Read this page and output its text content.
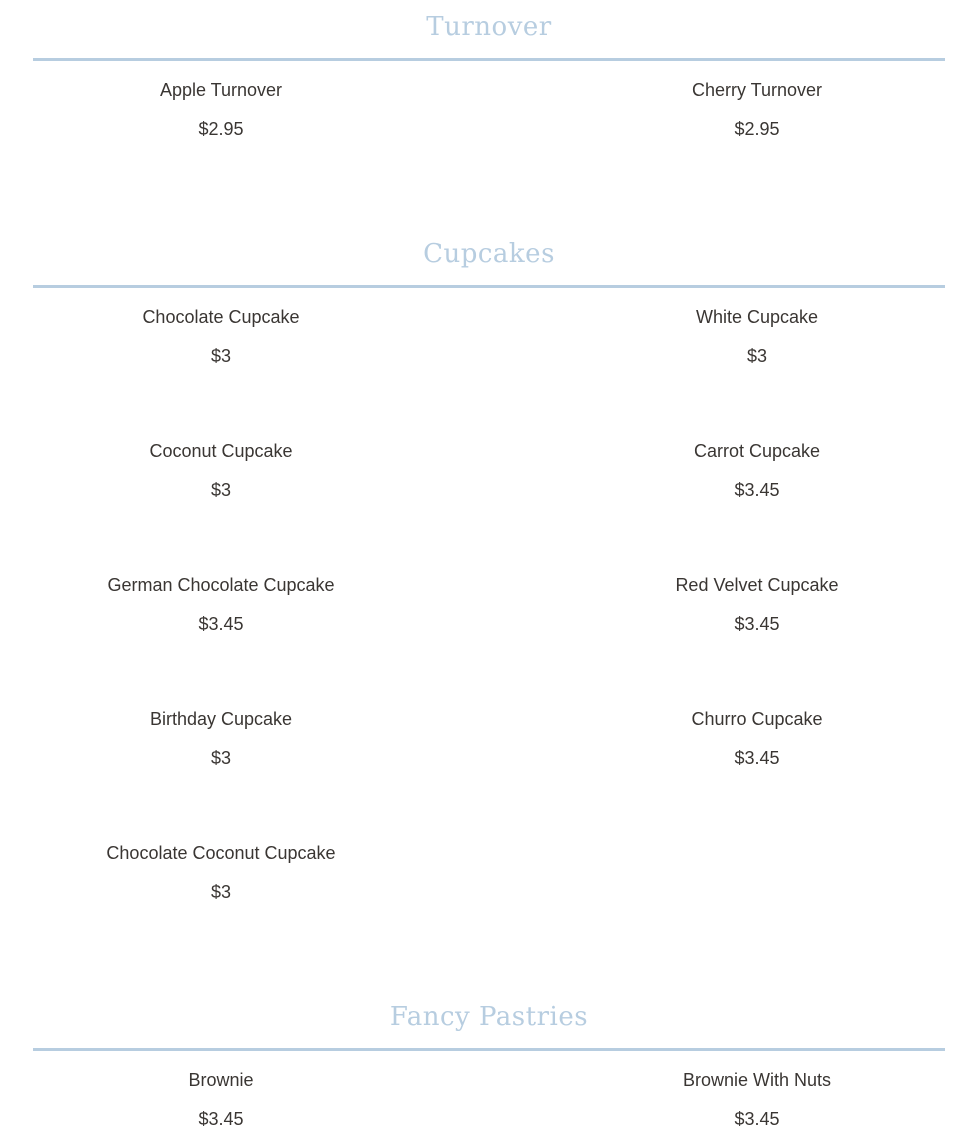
Turnover
Apple Turnover
$2.95
Cherry Turnover
$2.95
Cupcakes
Chocolate Cupcake
$3
White Cupcake
$3
Coconut Cupcake
$3
Carrot Cupcake
$3.45
German Chocolate Cupcake
$3.45
Red Velvet Cupcake
$3.45
Birthday Cupcake
$3
Churro Cupcake
$3.45
Chocolate Coconut Cupcake
$3
Fancy Pastries
Brownie
$3.45
Brownie With Nuts
$3.45
